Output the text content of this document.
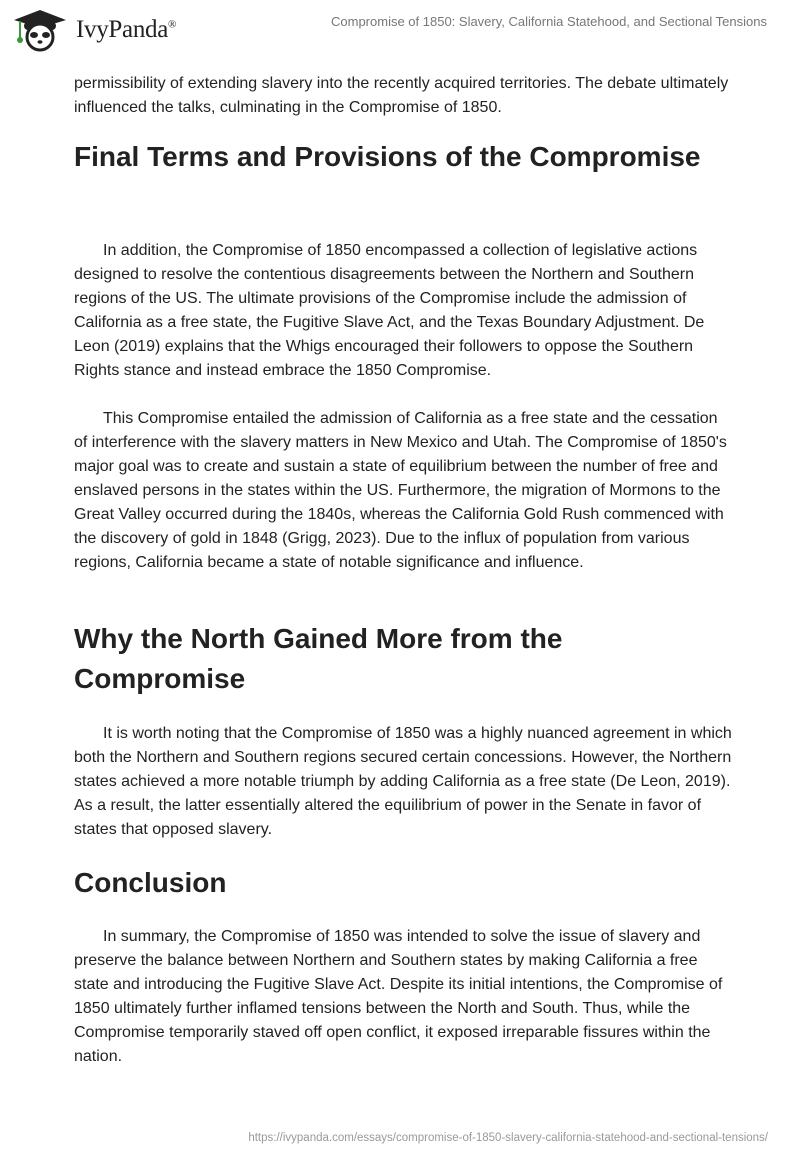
IvyPanda®	Compromise of 1850: Slavery, California Statehood, and Sectional Tensions

permissibility of extending slavery into the recently acquired territories. The debate ultimately influenced the talks, culminating in the Compromise of 1850.

Final Terms and Provisions of the Compromise

In addition, the Compromise of 1850 encompassed a collection of legislative actions designed to resolve the contentious disagreements between the Northern and Southern regions of the US. The ultimate provisions of the Compromise include the admission of California as a free state, the Fugitive Slave Act, and the Texas Boundary Adjustment. De Leon (2019) explains that the Whigs encouraged their followers to oppose the Southern Rights stance and instead embrace the 1850 Compromise.

This Compromise entailed the admission of California as a free state and the cessation of interference with the slavery matters in New Mexico and Utah. The Compromise of 1850's major goal was to create and sustain a state of equilibrium between the number of free and enslaved persons in the states within the US. Furthermore, the migration of Mormons to the Great Valley occurred during the 1840s, whereas the California Gold Rush commenced with the discovery of gold in 1848 (Grigg, 2023). Due to the influx of population from various regions, California became a state of notable significance and influence.

Why the North Gained More from the Compromise

It is worth noting that the Compromise of 1850 was a highly nuanced agreement in which both the Northern and Southern regions secured certain concessions. However, the Northern states achieved a more notable triumph by adding California as a free state (De Leon, 2019). As a result, the latter essentially altered the equilibrium of power in the Senate in favor of states that opposed slavery.

Conclusion

In summary, the Compromise of 1850 was intended to solve the issue of slavery and preserve the balance between Northern and Southern states by making California a free state and introducing the Fugitive Slave Act. Despite its initial intentions, the Compromise of 1850 ultimately further inflamed tensions between the North and South. Thus, while the Compromise temporarily staved off open conflict, it exposed irreparable fissures within the nation.

https://ivypanda.com/essays/compromise-of-1850-slavery-california-statehood-and-sectional-tensions/
